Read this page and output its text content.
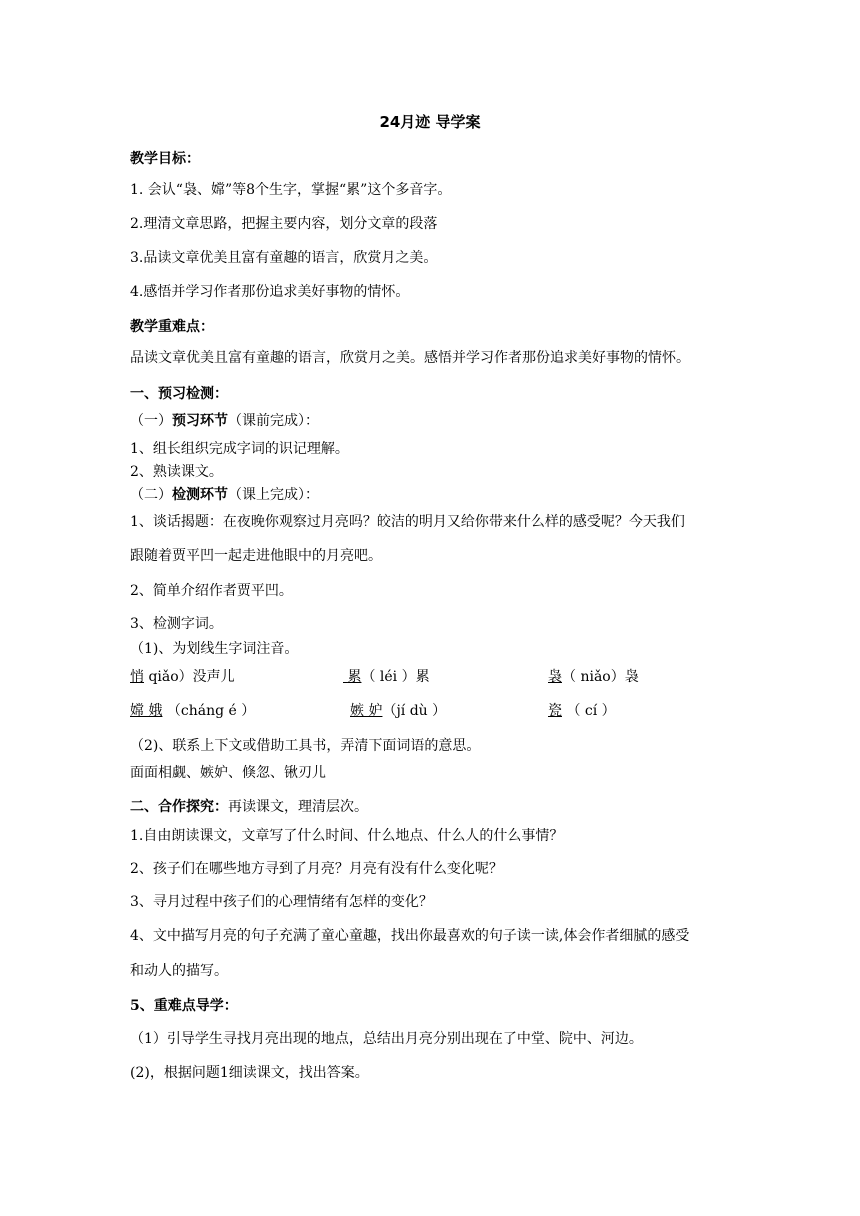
24月迹 导学案
教学目标：
1. 会认“袅、嫦”等8个生字，掌握“累”这个多音字。
2.理清文章思路，把握主要内容，划分文章的段落
3.品读文章优美且富有童趣的语言，欣赏月之美。
4.感悟并学习作者那份追求美好事物的情怀。
教学重难点：
品读文章优美且富有童趣的语言，欣赏月之美。感悟并学习作者那份追求美好事物的情怀。
一、预习检测：
（一）预习环节（课前完成）：
1、组长组织完成字词的识记理解。
2、熟读课文。
（二）检测环节（课上完成）：
1、谈话揭题：在夜晚你观察过月亮吗？皎洁的明月又给你带来什么样的感受呢？今天我们
跟随着贾平凹一起走进他眼中的月亮吧。
2、简单介绍作者贾平凹。
3、检测字词。
（1)、为划线生字词注音。
悄 qiǎo）没声儿	累（ léi ）累	袅（ niǎo）袅
嫦 娥 （cháng é ）	嫉 妒（jí dù ）	瓷 （ cí ）
（2)、联系上下文或借助工具书，弄清下面词语的意思。
面面相觑、嫉妒、倏忽、锹刃儿
二、合作探究：再读课文，理清层次。
1.自由朗读课文，文章写了什么时间、什么地点、什么人的什么事情？
2、孩子们在哪些地方寻到了月亮？月亮有没有什么变化呢？
3、寻月过程中孩子们的心理情绪有怎样的变化？
4、文中描写月亮的句子充满了童心童趣，找出你最喜欢的句子读一读,体会作者细腻的感受
和动人的描写。
5、重难点导学：
（1）引导学生寻找月亮出现的地点，总结出月亮分别出现在了中堂、院中、河边。
(2)，根据问题1细读课文，找出答案。
